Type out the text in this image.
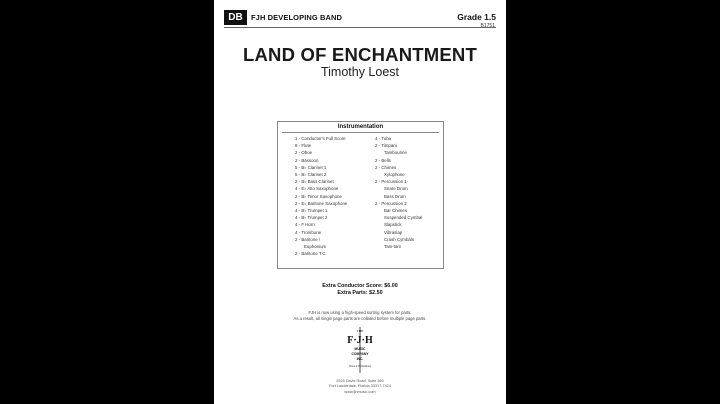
DB	FJH DEVELOPING BAND	Grade 1.5
B1751
LAND OF ENCHANTMENT
Timothy Loest
Instrumentation
1 - Conductor's Full Score
8 - Flute
2 - Oboe
2 - Bassoon
5 - B♭ Clarinet 1
5 - B♭ Clarinet 2
2 - B♭ Bass Clarinet
4 - E♭ Alto Saxophone
2 - B♭ Tenor Saxophone
2 - E♭ Baritone Saxophone
4 - B♭ Trumpet 1
4 - B♭ Trumpet 2
4 - F Horn
4 - Trombone
2 - Baritone /
Euphonium
2 - Baritone T.C.
4 - Tuba
2 - Timpani
Tambourine
2 - Bells
2 - Chimes
Xylophone
2 - Percussion 1
Snare Drum
Bass Drum
2 - Percussion 2
Bar Chimes
Suspended Cymbal
Slapstick
Vibraslap
Crash Cymbals
Tam-tam
Extra Conductor Score: $6.00
Extra Parts: $2.50
FJH is now using a high-speed sorting system for parts.
As a result, all single page parts are collated before multiple page parts.
THE
F·J·H
MUSIC
COMPANY
INC.
Piano & Publications
2525 Davie Road, Suite 360
Fort Lauderdale, Florida 33317-7424
www.fjhmusic.com
